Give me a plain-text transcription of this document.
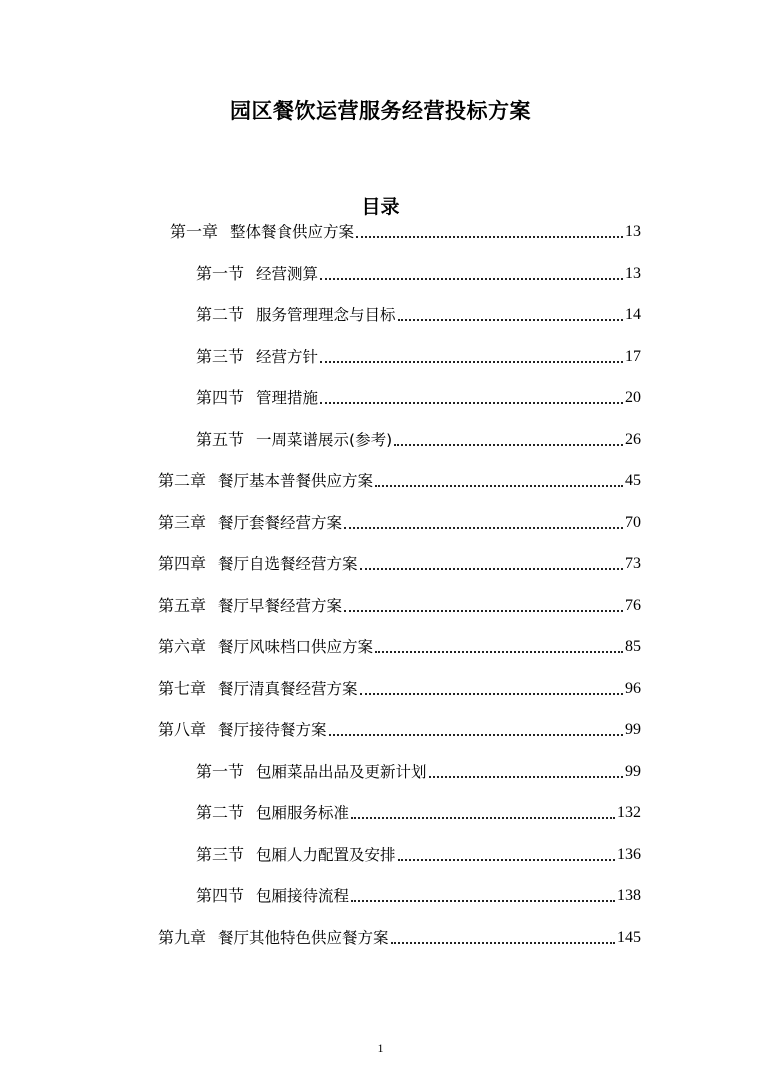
园区餐饮运营服务经营投标方案
目录
第一章 整体餐食供应方案	13
第一节 经营测算	13
第二节 服务管理理念与目标	14
第三节 经营方针	17
第四节 管理措施	20
第五节 一周菜谱展示(参考)	26
第二章 餐厅基本普餐供应方案	45
第三章 餐厅套餐经营方案	70
第四章 餐厅自选餐经营方案	73
第五章 餐厅早餐经营方案	76
第六章 餐厅风味档口供应方案	85
第七章 餐厅清真餐经营方案	96
第八章 餐厅接待餐方案	99
第一节 包厢菜品出品及更新计划	99
第二节 包厢服务标准	132
第三节 包厢人力配置及安排	136
第四节 包厢接待流程	138
第九章 餐厅其他特色供应餐方案	145
1
